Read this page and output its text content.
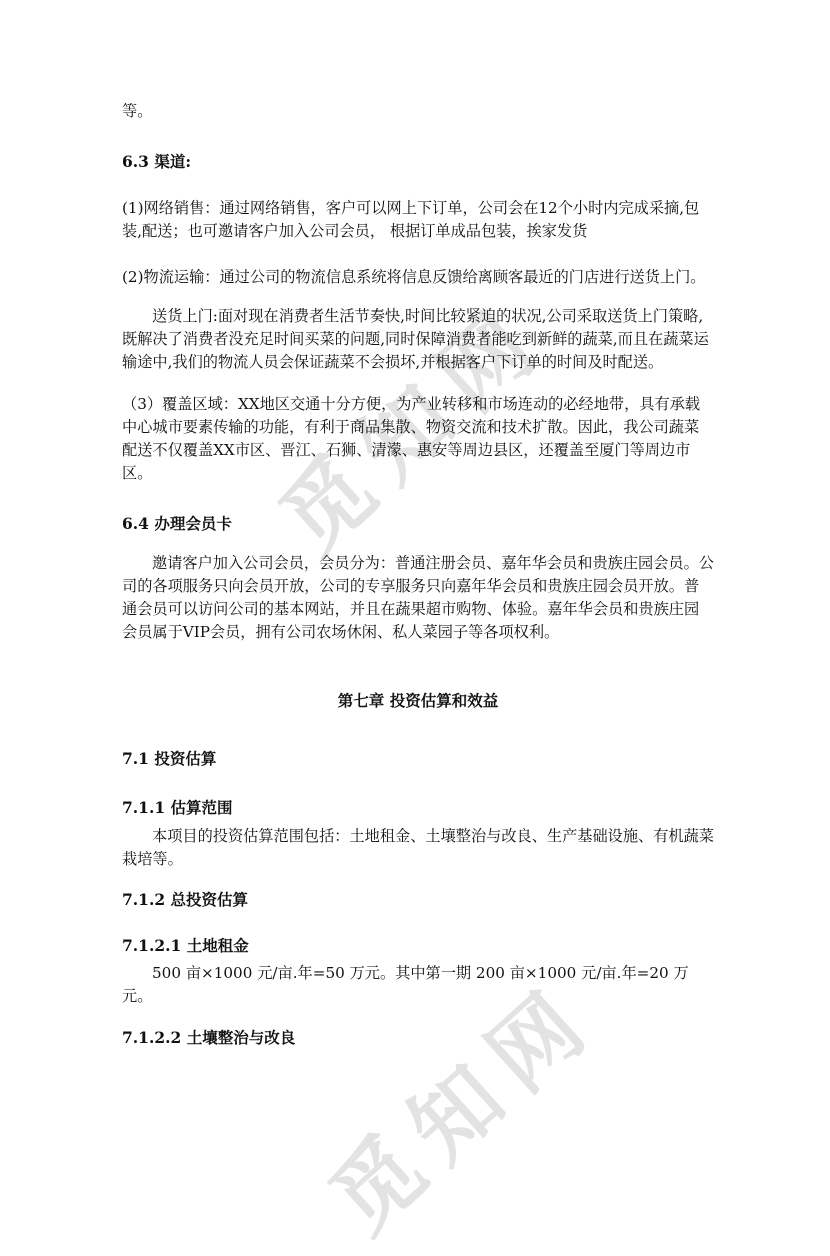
觅知网
觅知网

等。

6.3 渠道:

(1)网络销售：通过网络销售，客户可以网上下订单，公司会在12个小时内完成采摘,包装,配送；也可邀请客户加入公司会员， 根据订单成品包装，挨家发货

(2)物流运输：通过公司的物流信息系统将信息反馈给离顾客最近的门店进行送货上门。

送货上门:面对现在消费者生活节奏快,时间比较紧迫的状况,公司采取送货上门策略,既解决了消费者没充足时间买菜的问题,同时保障消费者能吃到新鲜的蔬菜,而且在蔬菜运输途中,我们的物流人员会保证蔬菜不会损坏,并根据客户下订单的时间及时配送。

（3）覆盖区域：XX地区交通十分方便，为产业转移和市场连动的必经地带，具有承载中心城市要素传输的功能，有利于商品集散、物资交流和技术扩散。因此，我公司蔬菜配送不仅覆盖XX市区、晋江、石狮、清濛、惠安等周边县区，还覆盖至厦门等周边市区。

6.4 办理会员卡

邀请客户加入公司会员，会员分为：普通注册会员、嘉年华会员和贵族庄园会员。公司的各项服务只向会员开放，公司的专享服务只向嘉年华会员和贵族庄园会员开放。普通会员可以访问公司的基本网站，并且在蔬果超市购物、体验。嘉年华会员和贵族庄园会员属于VIP会员，拥有公司农场休闲、私人菜园子等各项权利。

第七章 投资估算和效益

7.1 投资估算

7.1.1 估算范围

本项目的投资估算范围包括：土地租金、土壤整治与改良、生产基础设施、有机蔬菜栽培等。

7.1.2 总投资估算

7.1.2.1 土地租金

500 亩×1000 元/亩.年=50 万元。其中第一期 200 亩×1000 元/亩.年=20 万元。

7.1.2.2 土壤整治与改良
